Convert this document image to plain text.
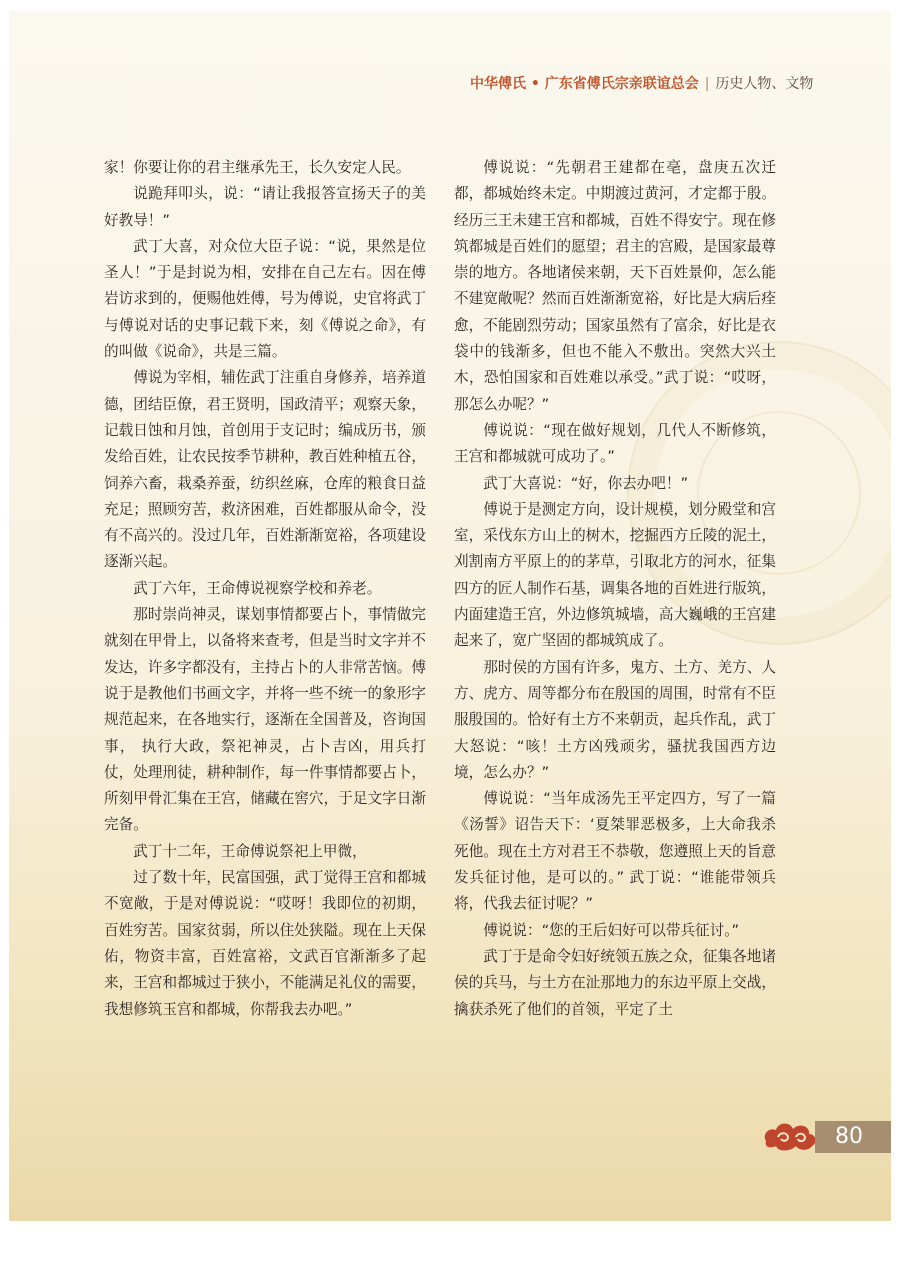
中华傅氏 • 广东省傅氏宗亲联谊总会 | 历史人物、文物

家！你要让你的君主继承先王，长久安定人民。

说跪拜叩头，说：“请让我报答宣扬天子的美好教导！”

武丁大喜，对众位大臣子说：“说，果然是位圣人！”于是封说为相，安排在自己左右。因在傅岩访求到的，便赐他姓傅，号为傅说，史官将武丁与傅说对话的史事记载下来，刻《傅说之命》，有的叫做《说命》，共是三篇。

傅说为宰相，辅佐武丁注重自身修养，培养道德，团结臣僚，君王贤明，国政清平；观察天象，记载日蚀和月蚀，首创用于支记时；编成历书，颁发给百姓，让农民按季节耕种，教百姓种植五谷，饲养六畜，栽桑养蚕，纺织丝麻，仓库的粮食日益充足；照顾穷苦，救济困难，百姓都服从命令，没有不高兴的。没过几年，百姓渐渐宽裕，各项建设逐渐兴起。

武丁六年，王命傅说视察学校和养老。

那时崇尚神灵，谋划事情都要占卜，事情做完就刻在甲骨上，以备将来查考，但是当时文字并不发达，许多字都没有，主持占卜的人非常苦恼。傅说于是教他们书画文字，并将一些不统一的象形字规范起来，在各地实行，逐渐在全国普及，咨询国事， 执行大政，祭祀神灵，占卜吉凶，用兵打仗，处理刑徒，耕种制作，每一件事情都要占卜，所刻甲骨汇集在王宫，储藏在窖穴，于足文字日渐完备。

武丁十二年，王命傅说祭祀上甲微，

过了数十年，民富国强，武丁觉得王宫和都城不宽敞，于是对傅说说：“哎呀！我即位的初期，百姓穷苦。国家贫弱，所以住处狭隘。现在上天保佑，物资丰富，百姓富裕，文武百官渐渐多了起来，王宫和都城过于狭小，不能满足礼仪的需要，我想修筑玉宫和都城，你帮我去办吧。”

傅说说：“先朝君王建都在亳，盘庚五次迁都，都城始终未定。中期渡过黄河，才定都于殷。经历三王未建王宫和都城，百姓不得安宁。现在修筑都城是百姓们的愿望；君主的宫殿，是国家最尊崇的地方。各地诸侯来朝，天下百姓景仰，怎么能不建宽敞呢？然而百姓渐渐宽裕，好比是大病后痊愈，不能剧烈劳动；国家虽然有了富余，好比是衣袋中的钱渐多，但也不能入不敷出。突然大兴土木，恐怕国家和百姓难以承受。”武丁说：“哎呀，那怎么办呢？”

傅说说：“现在做好规划，几代人不断修筑，王宫和都城就可成功了。”

武丁大喜说：“好，你去办吧！”

傅说于是测定方向，设计规模，划分殿堂和宫室，采伐东方山上的树木，挖掘西方丘陵的泥土，刈割南方平原上的的茅草，引取北方的河水，征集四方的匠人制作石基，调集各地的百姓进行版筑，内面建造王宫，外边修筑城墙，高大巍峨的王宫建起来了，宽广坚固的都城筑成了。

那时侯的方国有许多，鬼方、土方、羌方、人方、虎方、周等都分布在殷国的周围，时常有不臣服殷国的。恰好有土方不来朝贡，起兵作乱，武丁大怒说：“咳！土方凶残顽劣，骚扰我国西方边境，怎么办？”

傅说说：“当年成汤先王平定四方，写了一篇《汤誓》诏告天下：‘夏桀罪恶极多，上大命我杀死他。现在土方对君王不恭敬，您遵照上天的旨意发兵征讨他，是可以的。” 武丁说：“谁能带领兵将，代我去征讨呢？”

傅说说：“您的王后妇好可以带兵征讨。”

武丁于是命令妇好统领五族之众，征集各地诸侯的兵马，与土方在沚那地力的东边平原上交战，擒获杀死了他们的首领，平定了土

80
